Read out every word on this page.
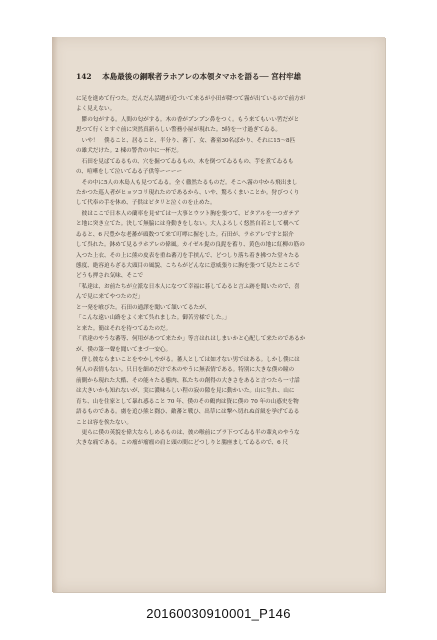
142 本島最後の銅喉者ラホアレの本領タマホを語る── 宮村牢雄
に足を進めて行つた。だんだん話題が近づいて来るが小田が降つて霧が出ているので前方が
よく見えない。
　鬱の匂がする。人間の匂がする。木の香がプンプン鼻をつく。もう来てもいい筈だがと
思つて行くとすぐ前に突然真新らしい警務小屋が現れた。5時を一寸過ぎてゐる。
　いや！　僕ること、居ること、半分り、蕃丁、女、蕃童30名ばかり、それに15〜8匹
の雄犬だけた。2 棟の警舎の中に一杯だ。
　石田を見ばてゐるもの、穴を掘つてゐるもの、木を倒つてゐるもの、芋を煮てゐるも
の、喧嘩をして泣いてゐる子供等ーーーー
　その中に5人の木島人も見つてゐる。全く徹然たるものだ。そこへ霧の中から飛出まし
たかつた巡人者がヒョツコリ現れたのであるから、いや、驚ろくまいことか。狩びつくり
して代奉の手を休め、子供はピタリと泣くのを止めた。
　彼はここで日本人の蘭率を見せては一大事とウツト胸を張つて、ピタアルを一つガテア
と地に突き立てた。決して無脇には身動きをしない。大人よろしく悠然自若として構へて
ゐると、6 尺豊かな老蕃が頭数つて来て叮嚀に握をした。石田が、ラホアレですと紹介
して呉れた。鉢めて見るラホアレの偉風。カイゼル髭の良髭を蓄り、黄色の地に紅柳の筋の
入つた上衣、その上に熊の皮表を重ね蕃刀を手挟んで、どつしり落ち着き拂つた堂々たる
態度、絶容迫らざる大頭目の風貌、こちらがどんなに意威張りに胸を張つて見たところで
どうも押され気味、そこで
「私達は、お前たちが立派な日本人になつて幸福に暮してゐると言ふ跡を聞いたので、喜
んで見に来てやつたのだ」
と一発を喰びた。石田の通譯を聞いて頷いてるたが、
「こんな遠い山路をよく来て呉れました。御苦労様でした。」
と来た。簡はそれを待つてゐたのだ。
「君達のやうな蕃等、何用があつて来たか」等言はれはしまいかと心配して来たのであるか
が、僕の第一聲を聞いてまづ一安心。
　併し彼ならまいことをやかしやがる。蕃人としては如才ない男ではある。しかし僕には
何人の表情もない。只日を細めだけで木のやうに無表情である。特別に大きな僕の瞳の
前側から現れた大酷、その能々たる態肉、私たちの創得の大きさをあると言つたら一寸話
は大きいかも知れないが、実に濃味らしい程の寂の隙を見に動かいた。山に生れ、山に
育ち、山を住家として暴れ惑ること 70 年、僕のその鶴肉は資に僕の 70 年の山惑史を物
語るものである。虜を追ひ熊と闘ひ、敵蕃と戦ひ、出草には撃へ切れぬ首級を挙げてゐる
ことは容を俟たない。
　更らに僕の英貌を偉大ならしめるものは、彼の喉前にブラ下つてゐる半の輩丸のやうな
大きな痛である。この瘤が瘤瘤の肩と頭の間にどつしりと腸座ましてゐるので、6 尺
20160030910001_P146
